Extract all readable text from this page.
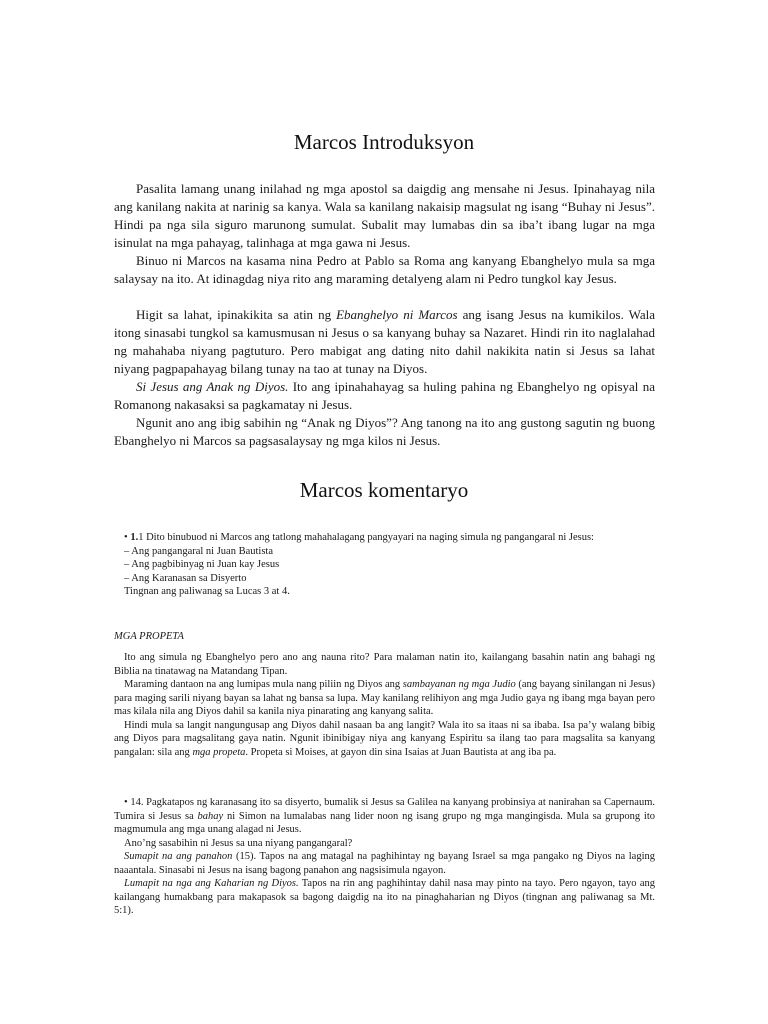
Marcos Introduksyon

Pasalita lamang unang inilahad ng mga apostol sa daigdig ang mensahe ni Jesus. Ipinahayag nila ang kanilang nakita at narinig sa kanya. Wala sa kanilang nakaisip magsulat ng isang “Buhay ni Jesus”. Hindi pa nga sila siguro marunong sumulat. Subalit may lumabas din sa iba’t ibang lugar na mga isinulat na mga pahayag, talinhaga at mga gawa ni Jesus.

Binuo ni Marcos na kasama nina Pedro at Pablo sa Roma ang kanyang Ebanghelyo mula sa mga salaysay na ito. At idinagdag niya rito ang maraming detalyeng alam ni Pedro tungkol kay Jesus.

Higit sa lahat, ipinakikita sa atin ng Ebanghelyo ni Marcos ang isang Jesus na kumikilos. Wala itong sinasabi tungkol sa kamusmusan ni Jesus o sa kanyang buhay sa Nazaret. Hindi rin ito naglalahad ng mahahaba niyang pagtuturo. Pero mabigat ang dating nito dahil nakikita natin si Jesus sa lahat niyang pagpapahayag bilang tunay na tao at tunay na Diyos.

Si Jesus ang Anak ng Diyos. Ito ang ipinahahayag sa huling pahina ng Ebanghelyo ng opisyal na Romanong nakasaksi sa pagkamatay ni Jesus.

Ngunit ano ang ibig sabihin ng “Anak ng Diyos”? Ang tanong na ito ang gustong sagutin ng buong Ebanghelyo ni Marcos sa pagsasalaysay ng mga kilos ni Jesus.

Marcos komentaryo
• 1.1 Dito binubuod ni Marcos ang tatlong mahahalagang pangyayari na naging simula ng pangangaral ni Jesus:
– Ang pangangaral ni Juan Bautista
– Ang pagbibinyag ni Juan kay Jesus
– Ang Karanasan sa Disyerto
Tingnan ang paliwanag sa Lucas 3 at 4.

MGA PROPETA

Ito ang simula ng Ebanghelyo pero ano ang nauna rito? Para malaman natin ito, kailangang basahin natin ang bahagi ng Biblia na tinatawag na Matandang Tipan.
Maraming dantaon na ang lumipas mula nang piliin ng Diyos ang sambayanan ng mga Judio (ang bayang sinilangan ni Jesus) para maging sarili niyang bayan sa lahat ng bansa sa lupa. May kanilang relihiyon ang mga Judio gaya ng ibang mga bayan pero mas kilala nila ang Diyos dahil sa kanila niya pinarating ang kanyang salita.
Hindi mula sa langit nangungusap ang Diyos dahil nasaan ba ang langit? Wala ito sa itaas ni sa ibaba. Isa pa’y walang bibig ang Diyos para magsalitang gaya natin. Ngunit ibinibigay niya ang kanyang Espiritu sa ilang tao para magsalita sa kanyang pangalan: sila ang mga propeta. Propeta si Moises, at gayon din sina Isaias at Juan Bautista at ang iba pa.
• 14. Pagkatapos ng karanasang ito sa disyerto, bumalik si Jesus sa Galilea na kanyang probinsiya at nanirahan sa Capernaum. Tumira si Jesus sa bahay ni Simon na lumalabas nang lider noon ng isang grupo ng mga mangingisda. Mula sa grupong ito magmumula ang mga unang alagad ni Jesus.
Ano’ng sasabihin ni Jesus sa una niyang pangangaral?
Sumapit na ang panahon (15). Tapos na ang matagal na paghihintay ng bayang Israel sa mga pangako ng Diyos na laging naaantala. Sinasabi ni Jesus na isang bagong panahon ang nagsisimula ngayon.
Lumapit na nga ang Kaharian ng Diyos. Tapos na rin ang paghihintay dahil nasa may pinto na tayo. Pero ngayon, tayo ang kailangang humakbang para makapasok sa bagong daigdig na ito na pinaghaharian ng Diyos (tingnan ang paliwanag sa Mt. 5:1).
